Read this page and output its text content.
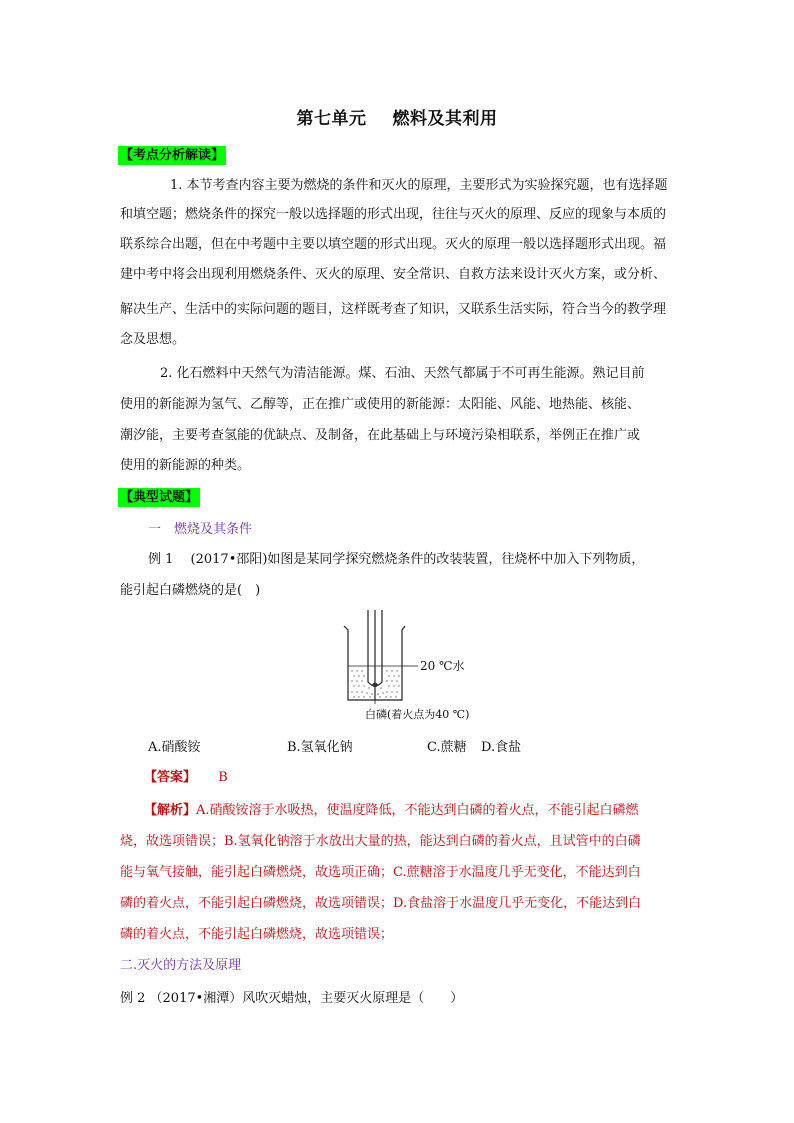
第七单元 燃料及其利用
【考点分析解读】
1. 本节考查内容主要为燃烧的条件和灭火的原理，主要形式为实验探究题，也有选择题
和填空题；燃烧条件的探究一般以选择题的形式出现，往往与灭火的原理、反应的现象与本质的
联系综合出题，但在中考题中主要以填空题的形式出现。灭火的原理一般以选择题形式出现。福
建中考中将会出现利用燃烧条件、灭火的原理、安全常识、自救方法来设计灭火方案，或分析、
解决生产、生活中的实际问题的题目，这样既考查了知识，又联系生活实际，符合当今的教学理
念及思想。
2. 化石燃料中天然气为清洁能源。煤、石油、天然气都属于不可再生能源。熟记目前
使用的新能源为氢气、乙醇等，正在推广或使用的新能源：太阳能、风能、地热能、核能、
潮汐能，主要考查氢能的优缺点、及制备，在此基础上与环境污染相联系，举例正在推广或
使用的新能源的种类。
【典型试题】
一　燃烧及其条件
例 1　 (2017•邵阳)如图是某同学探究燃烧条件的改装装置，往烧杯中加入下列物质，
能引起白磷燃烧的是(　)
20 ℃水
白磷(着火点为40 ℃)
A.硝酸铵	B.氢氧化钠	C.蔗糖 D.食盐
【答案】 B
【解析】A.硝酸铵溶于水吸热，使温度降低，不能达到白磷的着火点，不能引起白磷燃
烧，故选项错误；B.氢氧化钠溶于水放出大量的热，能达到白磷的着火点，且试管中的白磷
能与氧气接触，能引起白磷燃烧，故选项正确；C.蔗糖溶于水温度几乎无变化，不能达到白
磷的着火点，不能引起白磷燃烧，故选项错误；D.食盐溶于水温度几乎无变化，不能达到白
磷的着火点，不能引起白磷燃烧，故选项错误；
二.灭火的方法及原理
例 2 （2017•湘潭）风吹灭蜡烛，主要灭火原理是（　　）
